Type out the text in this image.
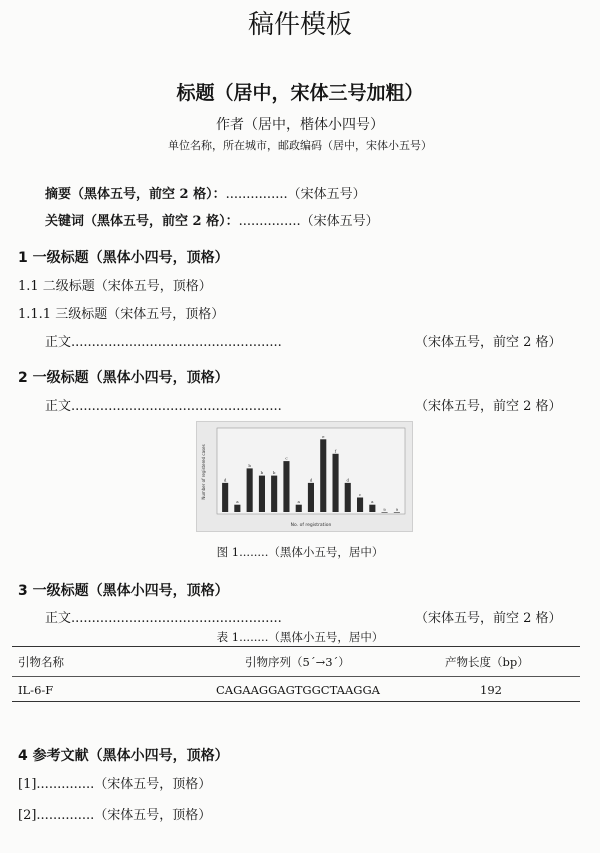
稿件模板
标题（居中，宋体三号加粗）
作者（居中，楷体小四号）
单位名称，所在城市，邮政编码（居中，宋体小五号）
摘要（黑体五号，前空 2 格）：...............（宋体五号）
关键词（黑体五号，前空 2 格）：...............（宋体五号）
1 一级标题（黑体小四号，顶格）
1.1 二级标题（宋体五号，顶格）
1.1.1 三级标题（宋体五号，顶格）
正文...................................................	（宋体五号，前空 2 格）
2 一级标题（黑体小四号，顶格）
正文...................................................	（宋体五号，前空 2 格）
Number of registered cases
No. of registration
d
a
b
b b
c
a
d
e
f
d
c
a
a a
图 1........（黑体小五号，居中）
3 一级标题（黑体小四号，顶格）
正文...................................................	（宋体五号，前空 2 格）
表 1........（黑体小五号，居中）
引物名称	引物序列（5´→3´）	产物长度（bp）
IL-6-F	CAGAAGGAGTGGCTAAGGA	192
4 参考文献（黑体小四号，顶格）
[1]..............（宋体五号，顶格）
[2]..............（宋体五号，顶格）
